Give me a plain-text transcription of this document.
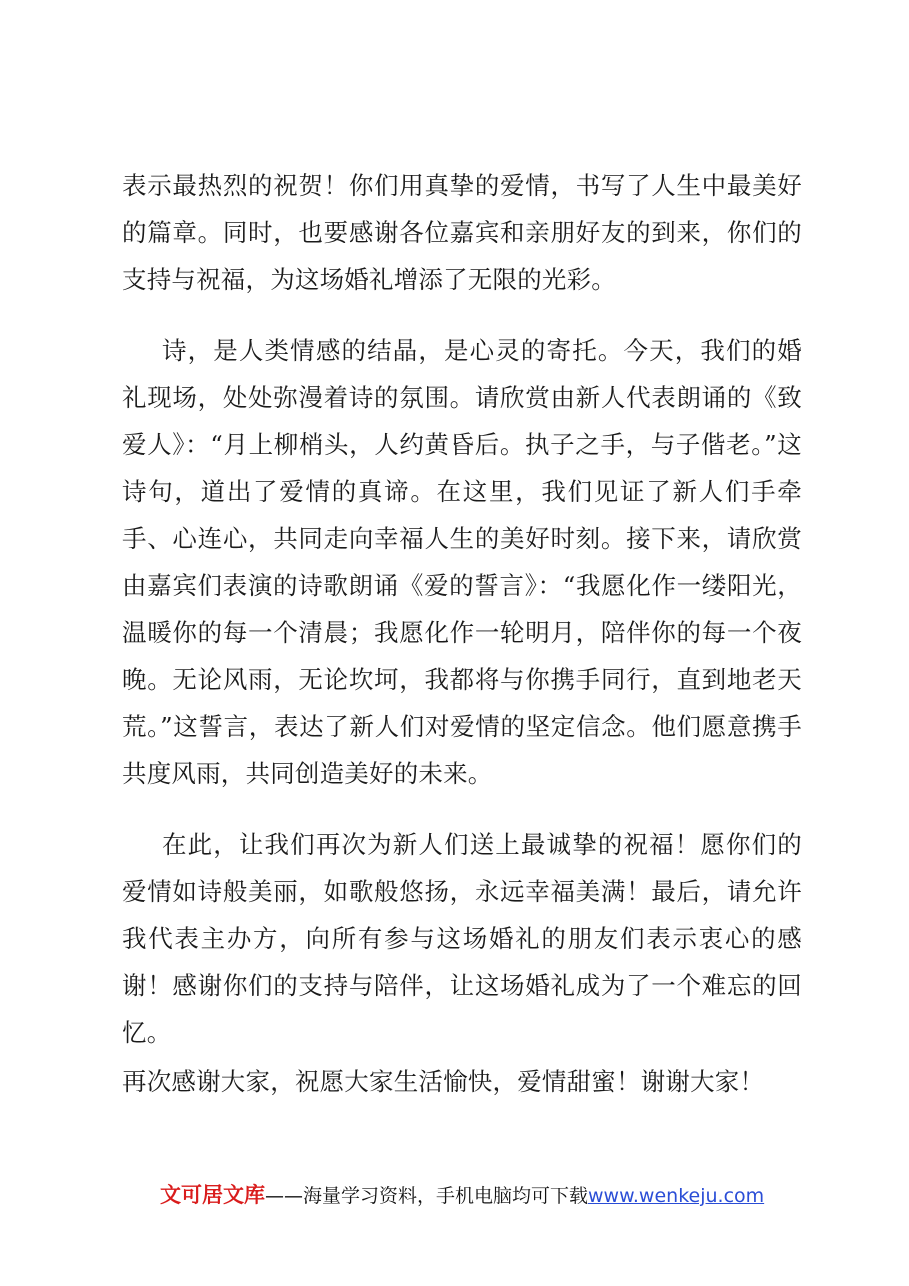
表示最热烈的祝贺！你们用真挚的爱情，书写了人生中最美好的篇章。同时，也要感谢各位嘉宾和亲朋好友的到来，你们的支持与祝福，为这场婚礼增添了无限的光彩。

诗，是人类情感的结晶，是心灵的寄托。今天，我们的婚礼现场，处处弥漫着诗的氛围。请欣赏由新人代表朗诵的《致爱人》：“月上柳梢头，人约黄昏后。执子之手，与子偕老。”这诗句，道出了爱情的真谛。在这里，我们见证了新人们手牵手、心连心，共同走向幸福人生的美好时刻。接下来，请欣赏由嘉宾们表演的诗歌朗诵《爱的誓言》：“我愿化作一缕阳光，温暖你的每一个清晨；我愿化作一轮明月，陪伴你的每一个夜晚。无论风雨，无论坎坷，我都将与你携手同行，直到地老天荒。”这誓言，表达了新人们对爱情的坚定信念。他们愿意携手共度风雨，共同创造美好的未来。

在此，让我们再次为新人们送上最诚挚的祝福！愿你们的爱情如诗般美丽，如歌般悠扬，永远幸福美满！最后，请允许我代表主办方，向所有参与这场婚礼的朋友们表示衷心的感谢！感谢你们的支持与陪伴，让这场婚礼成为了一个难忘的回忆。

再次感谢大家，祝愿大家生活愉快，爱情甜蜜！谢谢大家！

文可居文库——海量学习资料，手机电脑均可下载www.wenkeju.com
